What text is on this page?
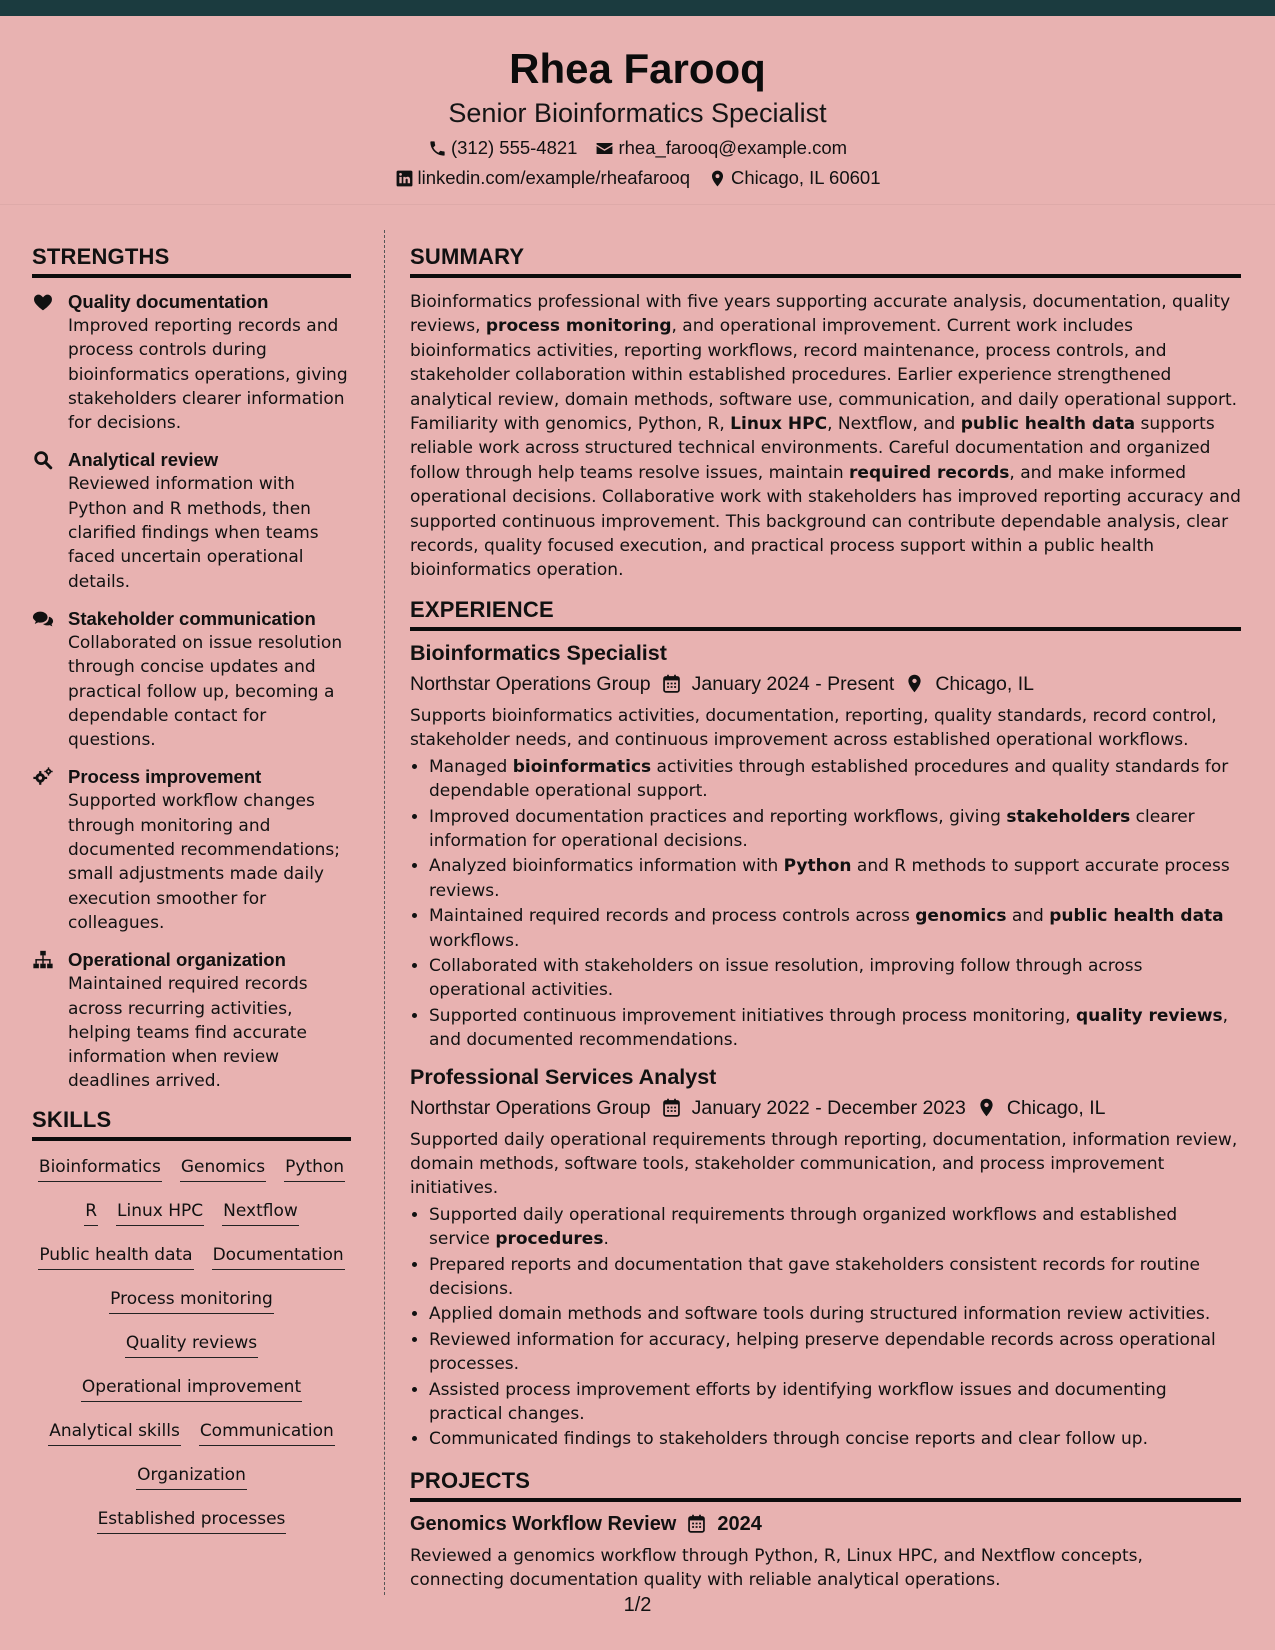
Rhea Farooq
Senior Bioinformatics Specialist
(312) 555-4821 rhea_farooq@example.com
linkedin.com/example/rheafarooq Chicago, IL 60601
STRENGTHS
Quality documentation
Improved reporting records and process controls during bioinformatics operations, giving stakeholders clearer information for decisions.
Analytical review
Reviewed information with Python and R methods, then clarified findings when teams faced uncertain operational details.
Stakeholder communication
Collaborated on issue resolution through concise updates and practical follow up, becoming a dependable contact for questions.
Process improvement
Supported workflow changes through monitoring and documented recommendations; small adjustments made daily execution smoother for colleagues.
Operational organization
Maintained required records across recurring activities, helping teams find accurate information when review deadlines arrived.
SKILLS
Bioinformatics Genomics Python
R Linux HPC Nextflow
Public health data Documentation
Process monitoring
Quality reviews
Operational improvement
Analytical skills Communication
Organization
Established processes
SUMMARY
Bioinformatics professional with five years supporting accurate analysis, documentation, quality reviews, process monitoring, and operational improvement. Current work includes bioinformatics activities, reporting workflows, record maintenance, process controls, and stakeholder collaboration within established procedures. Earlier experience strengthened analytical review, domain methods, software use, communication, and daily operational support. Familiarity with genomics, Python, R, Linux HPC, Nextflow, and public health data supports reliable work across structured technical environments. Careful documentation and organized follow through help teams resolve issues, maintain required records, and make informed operational decisions. Collaborative work with stakeholders has improved reporting accuracy and supported continuous improvement. This background can contribute dependable analysis, clear records, quality focused execution, and practical process support within a public health bioinformatics operation.
EXPERIENCE
Bioinformatics Specialist
Northstar Operations Group January 2024 - Present Chicago, IL
Supports bioinformatics activities, documentation, reporting, quality standards, record control, stakeholder needs, and continuous improvement across established operational workflows.
• Managed bioinformatics activities through established procedures and quality standards for dependable operational support.
• Improved documentation practices and reporting workflows, giving stakeholders clearer information for operational decisions.
• Analyzed bioinformatics information with Python and R methods to support accurate process reviews.
• Maintained required records and process controls across genomics and public health data workflows.
• Collaborated with stakeholders on issue resolution, improving follow through across operational activities.
• Supported continuous improvement initiatives through process monitoring, quality reviews, and documented recommendations.
Professional Services Analyst
Northstar Operations Group January 2022 - December 2023 Chicago, IL
Supported daily operational requirements through reporting, documentation, information review, domain methods, software tools, stakeholder communication, and process improvement initiatives.
• Supported daily operational requirements through organized workflows and established service procedures.
• Prepared reports and documentation that gave stakeholders consistent records for routine decisions.
• Applied domain methods and software tools during structured information review activities.
• Reviewed information for accuracy, helping preserve dependable records across operational processes.
• Assisted process improvement efforts by identifying workflow issues and documenting practical changes.
• Communicated findings to stakeholders through concise reports and clear follow up.
PROJECTS
Genomics Workflow Review 2024
Reviewed a genomics workflow through Python, R, Linux HPC, and Nextflow concepts, connecting documentation quality with reliable analytical operations.
1/2
